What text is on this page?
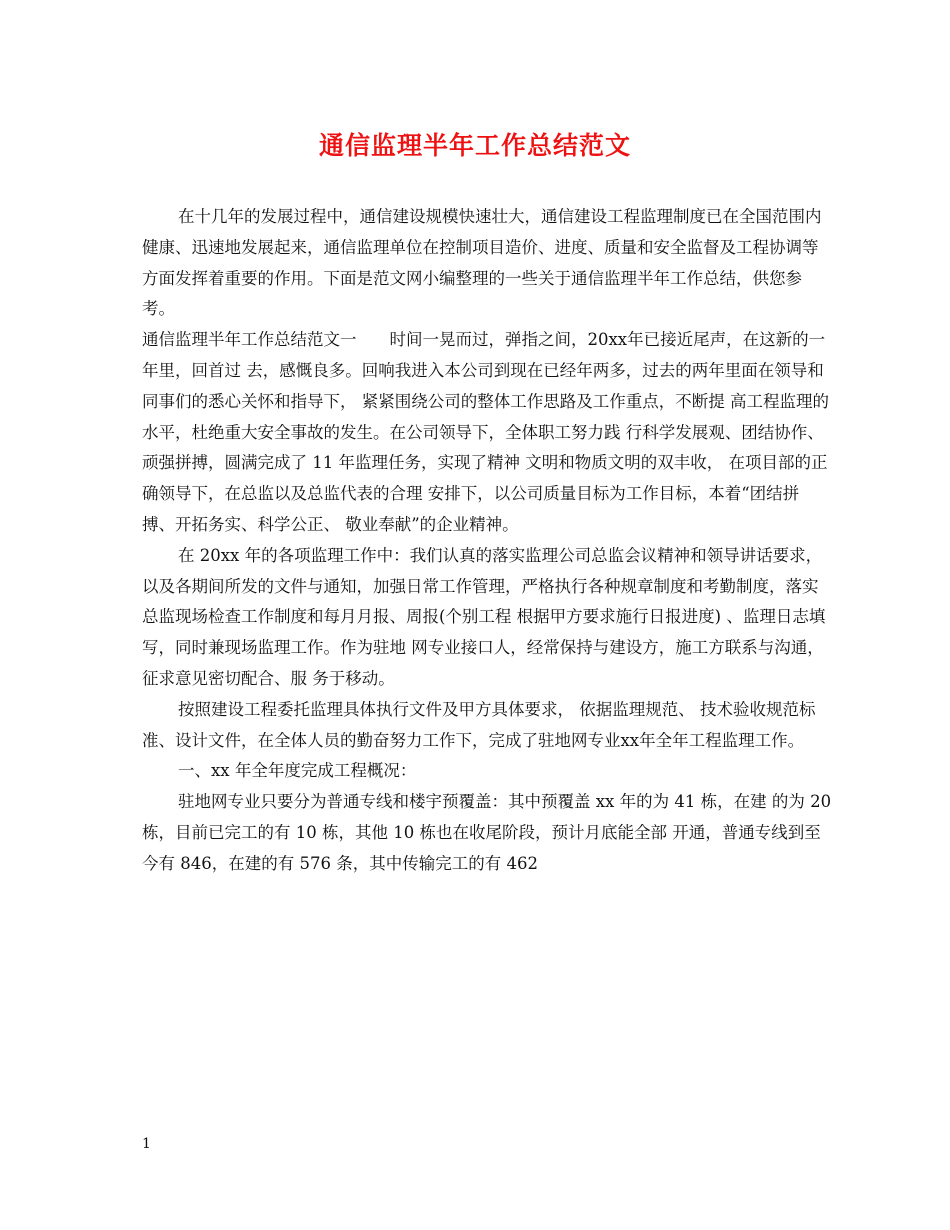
通信监理半年工作总结范文

在十几年的发展过程中，通信建设规模快速壮大，通信建设工程监理制度已在全国范围内健康、迅速地发展起来，通信监理单位在控制项目造价、进度、质量和安全监督及工程协调等方面发挥着重要的作用。下面是范文网小编整理的一些关于通信监理半年工作总结，供您参考。

通信监理半年工作总结范文一　　时间一晃而过，弹指之间，20xx年已接近尾声，在这新的一年里，回首过 去，感慨良多。回响我进入本公司到现在已经年两多，过去的两年里面在领导和 同事们的悉心关怀和指导下， 紧紧围绕公司的整体工作思路及工作重点，不断提 高工程监理的水平，杜绝重大安全事故的发生。在公司领导下，全体职工努力践 行科学发展观、团结协作、顽强拼搏，圆满完成了 11 年监理任务，实现了精神 文明和物质文明的双丰收， 在项目部的正确领导下，在总监以及总监代表的合理 安排下，以公司质量目标为工作目标，本着“团结拼搏、开拓务实、科学公正、 敬业奉献”的企业精神。

在 20xx 年的各项监理工作中：我们认真的落实监理公司总监会议精神和领导讲话要求，以及各期间所发的文件与通知，加强日常工作管理，严格执行各种规章制度和考勤制度，落实总监现场检查工作制度和每月月报、周报(个别工程 根据甲方要求施行日报进度) 、监理日志填写，同时兼现场监理工作。作为驻地 网专业接口人，经常保持与建设方，施工方联系与沟通，征求意见密切配合、服 务于移动。

按照建设工程委托监理具体执行文件及甲方具体要求， 依据监理规范、 技术验收规范标准、设计文件，在全体人员的勤奋努力工作下，完成了驻地网专业xx年全年工程监理工作。

一、xx 年全年度完成工程概况：

驻地网专业只要分为普通专线和楼宇预覆盖：其中预覆盖 xx 年的为 41 栋，在建 的为 20 栋，目前已完工的有 10 栋，其他 10 栋也在收尾阶段，预计月底能全部 开通，普通专线到至今有 846，在建的有 576 条，其中传输完工的有 462

1
